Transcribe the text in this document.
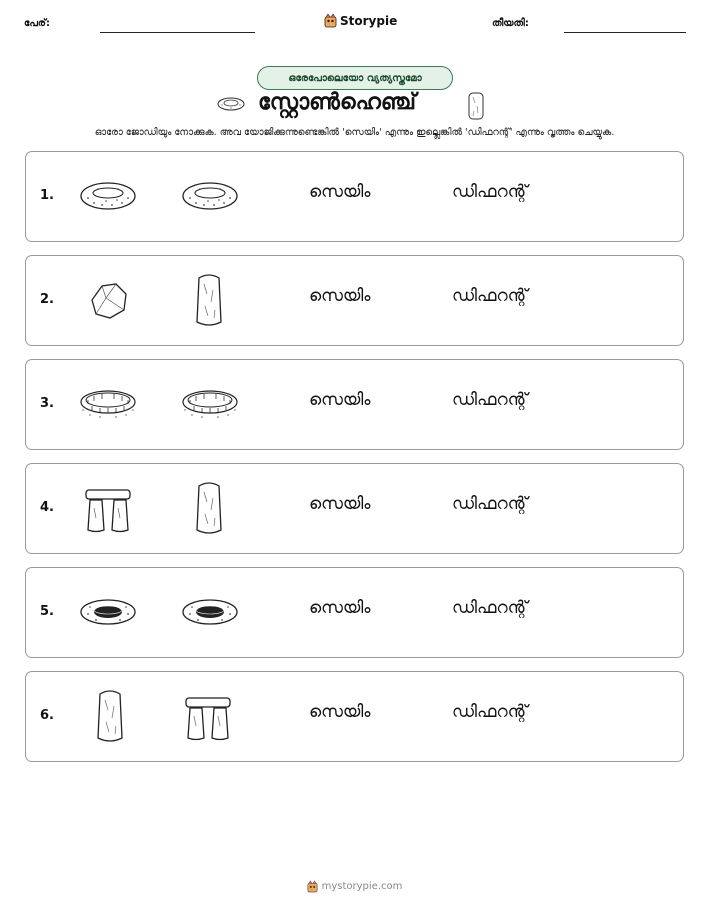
പേര്:	Storypie	തീയതി:
ഒരേപോലെയോ വ്യത്യസ്തമോ
സ്റ്റോൺഹെഞ്ച്
ഓരോ ജോഡിയും നോക്കുക. അവ യോജിക്കുന്നുണ്ടെങ്കിൽ 'സെയിം' എന്നും ഇല്ലെങ്കിൽ 'ഡിഫറന്റ്' എന്നും വൃത്തം ചെയ്യുക.
1.	സെയിം	ഡിഫറന്റ്
2.	സെയിം	ഡിഫറന്റ്
3.	സെയിം	ഡിഫറന്റ്
4.	സെയിം	ഡിഫറന്റ്
5.	സെയിം	ഡിഫറന്റ്
6.	സെയിം	ഡിഫറന്റ്
mystorypie.com
